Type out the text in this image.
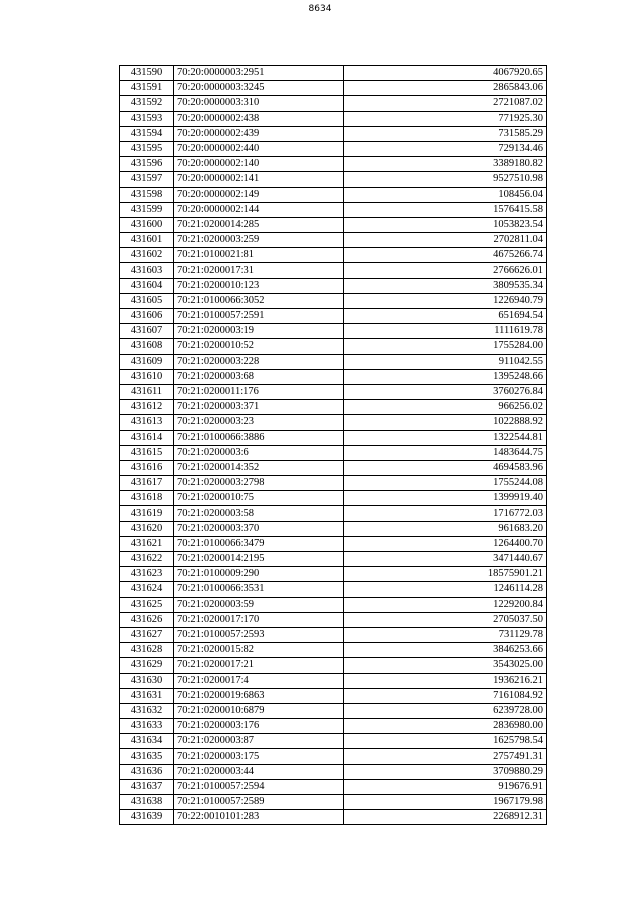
8634
431590	70:20:0000003:2951	4067920.65
431591	70:20:0000003:3245	2865843.06
431592	70:20:0000003:310	2721087.02
431593	70:20:0000002:438	771925.30
431594	70:20:0000002:439	731585.29
431595	70:20:0000002:440	729134.46
431596	70:20:0000002:140	3389180.82
431597	70:20:0000002:141	9527510.98
431598	70:20:0000002:149	108456.04
431599	70:20:0000002:144	1576415.58
431600	70:21:0200014:285	1053823.54
431601	70:21:0200003:259	2702811.04
431602	70:21:0100021:81	4675266.74
431603	70:21:0200017:31	2766626.01
431604	70:21:0200010:123	3809535.34
431605	70:21:0100066:3052	1226940.79
431606	70:21:0100057:2591	651694.54
431607	70:21:0200003:19	1111619.78
431608	70:21:0200010:52	1755284.00
431609	70:21:0200003:228	911042.55
431610	70:21:0200003:68	1395248.66
431611	70:21:0200011:176	3760276.84
431612	70:21:0200003:371	966256.02
431613	70:21:0200003:23	1022888.92
431614	70:21:0100066:3886	1322544.81
431615	70:21:0200003:6	1483644.75
431616	70:21:0200014:352	4694583.96
431617	70:21:0200003:2798	1755244.08
431618	70:21:0200010:75	1399919.40
431619	70:21:0200003:58	1716772.03
431620	70:21:0200003:370	961683.20
431621	70:21:0100066:3479	1264400.70
431622	70:21:0200014:2195	3471440.67
431623	70:21:0100009:290	18575901.21
431624	70:21:0100066:3531	1246114.28
431625	70:21:0200003:59	1229200.84
431626	70:21:0200017:170	2705037.50
431627	70:21:0100057:2593	731129.78
431628	70:21:0200015:82	3846253.66
431629	70:21:0200017:21	3543025.00
431630	70:21:0200017:4	1936216.21
431631	70:21:0200019:6863	7161084.92
431632	70:21:0200010:6879	6239728.00
431633	70:21:0200003:176	2836980.00
431634	70:21:0200003:87	1625798.54
431635	70:21:0200003:175	2757491.31
431636	70:21:0200003:44	3709880.29
431637	70:21:0100057:2594	919676.91
431638	70:21:0100057:2589	1967179.98
431639	70:22:0010101:283	2268912.31
